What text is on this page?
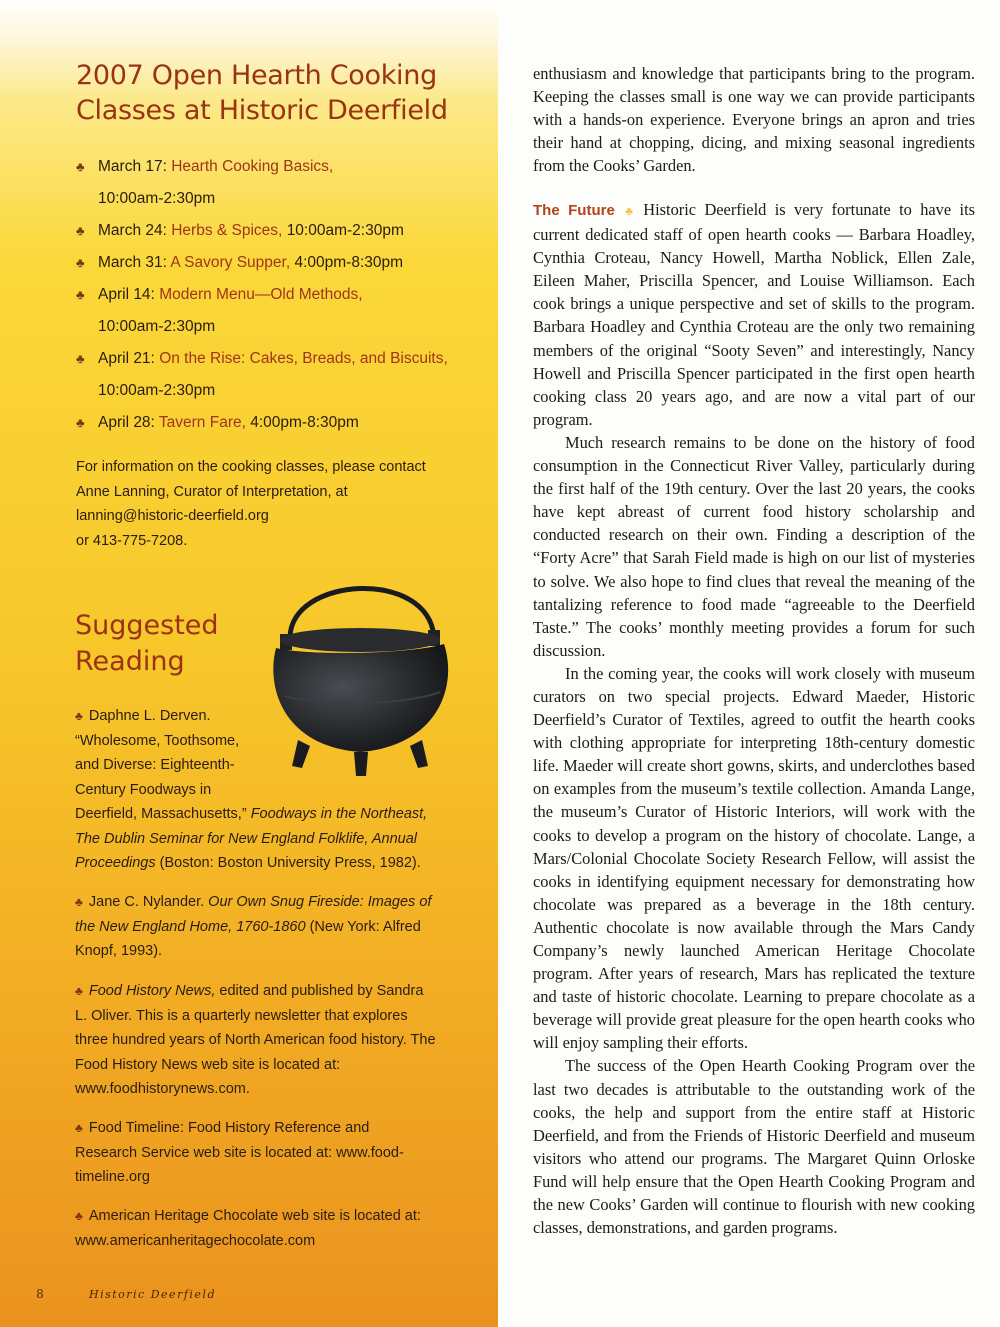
2007 Open Hearth Cooking Classes at Historic Deerfield
♣ March 17: Hearth Cooking Basics,
10:00am-2:30pm
♣ March 24: Herbs & Spices, 10:00am-2:30pm
♣ March 31: A Savory Supper, 4:00pm-8:30pm
♣ April 14: Modern Menu—Old Methods,
10:00am-2:30pm
♣ April 21: On the Rise: Cakes, Breads, and Biscuits,
10:00am-2:30pm
♣ April 28: Tavern Fare, 4:00pm-8:30pm
For information on the cooking classes, please contact
Anne Lanning, Curator of Interpretation, at
lanning@historic-deerfield.org
or 413-775-7208.
Suggested
Reading
♣ Daphne L. Derven.
“Wholesome, Toothsome,
and Diverse: Eighteenth-
Century Foodways in
Deerfield, Massachusetts,” Foodways in the Northeast,
The Dublin Seminar for New England Folklife, Annual
Proceedings (Boston: Boston University Press, 1982).
♣ Jane C. Nylander. Our Own Snug Fireside: Images of the New England Home, 1760-1860 (New York: Alfred Knopf, 1993).
♣ Food History News, edited and published by Sandra L. Oliver. This is a quarterly newsletter that explores three hundred years of North American food history. The Food History News web site is located at: www.foodhistorynews.com.
♣ Food Timeline: Food History Reference and Research Service web site is located at: www.food-timeline.org
♣ American Heritage Chocolate web site is located at: www.americanheritagechocolate.com
8	Historic Deerfield

enthusiasm and knowledge that participants bring to the program. Keeping the classes small is one way we can provide participants with a hands-on experience. Everyone brings an apron and tries their hand at chopping, dicing, and mixing seasonal ingredients from the Cooks’ Garden.

The Future ♣ Historic Deerfield is very fortunate to have its current dedicated staff of open hearth cooks — Barbara Hoadley, Cynthia Croteau, Nancy Howell, Martha Noblick, Ellen Zale, Eileen Maher, Priscilla Spencer, and Louise Williamson. Each cook brings a unique perspective and set of skills to the program. Barbara Hoadley and Cynthia Croteau are the only two remaining members of the original “Sooty Seven” and interestingly, Nancy Howell and Priscilla Spencer participated in the first open hearth cooking class 20 years ago, and are now a vital part of our program.

Much research remains to be done on the history of food consumption in the Connecticut River Valley, particularly during the first half of the 19th century. Over the last 20 years, the cooks have kept abreast of current food history scholarship and conducted research on their own. Finding a description of the “Forty Acre” that Sarah Field made is high on our list of mysteries to solve. We also hope to find clues that reveal the meaning of the tantalizing reference to food made “agreeable to the Deerfield Taste.” The cooks’ monthly meeting provides a forum for such discussion.

In the coming year, the cooks will work closely with museum curators on two special projects. Edward Maeder, Historic Deerfield’s Curator of Textiles, agreed to outfit the hearth cooks with clothing appropriate for interpreting 18th-century domestic life. Maeder will create short gowns, skirts, and underclothes based on examples from the museum’s textile collection. Amanda Lange, the museum’s Curator of Historic Interiors, will work with the cooks to develop a program on the history of chocolate. Lange, a Mars/Colonial Chocolate Society Research Fellow, will assist the cooks in identifying equipment necessary for demonstrating how chocolate was prepared as a beverage in the 18th century. Authentic chocolate is now available through the Mars Candy Company’s newly launched American Heritage Chocolate program. After years of research, Mars has replicated the texture and taste of historic chocolate. Learning to prepare chocolate as a beverage will provide great pleasure for the open hearth cooks who will enjoy sampling their efforts.

The success of the Open Hearth Cooking Program over the last two decades is attributable to the outstanding work of the cooks, the help and support from the entire staff at Historic Deerfield, and from the Friends of Historic Deerfield and museum visitors who attend our programs. The Margaret Quinn Orloske Fund will help ensure that the Open Hearth Cooking Program and the new Cooks’ Garden will continue to flourish with new cooking classes, demonstrations, and garden programs.
